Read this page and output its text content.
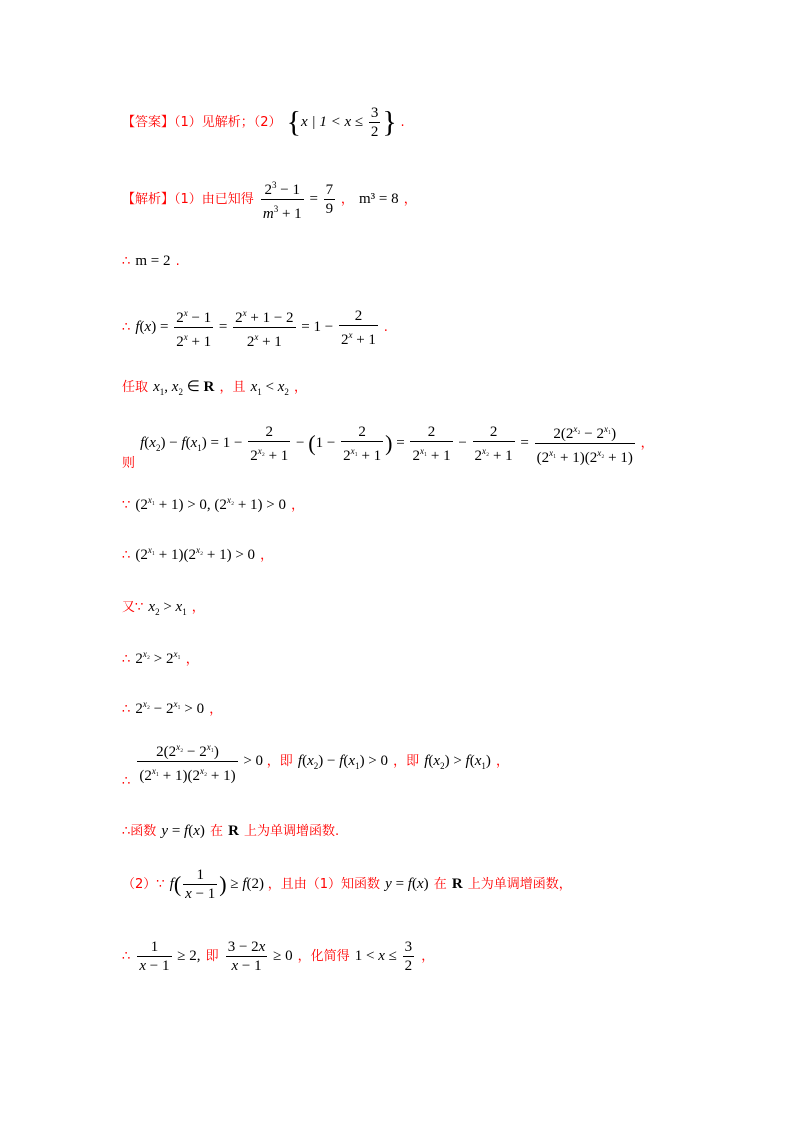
【答案】（1）见解析；（2） {x | $1 < x \le \frac{3}{2}$ } .
【解析】（1）由已知得 $\frac{2^3 - 1}{m^3 + 1} = \frac{7}{9}$ ， m³ = 8 ，
∴ m = 2 .
∴ $f(x) = \frac{2^x - 1}{2^x + 1} = \frac{2^x + 1 - 2}{2^x + 1} = 1 - \frac{2}{2^x + 1}$ .
任取 $x_1$, $x_2$ ∈ R ，且 $x_1 < x_2$ ，
$_则$ $f(x_2) - f(x_1) = 1 - \frac{2}{2^{x_2} + 1} - (1 - \frac{2}{2^{x_1} + 1}$ ) = $\frac{2}{2^{x_1} + 1} - \frac{2}{2^{x_2} + 1} = \frac{2(2^{x_2} - 2^{x_1})}{(2^{x_1} + 1)(2^{x_2} + 1)}$ ，
∵ $(2^{x_1} + 1) > 0$, $(2^{x_2} + 1) > 0$ ，
∴ $(2^{x_1} + 1)(2^{x_2} + 1) > 0$ ，
又∵ $x_2 > x_1$ ，
∴ $2^{x_2} > 2^{x_1}$ ，
∴ $2^{x_2} - 2^{x_1} > 0$ ，
$_\therefore \frac{2(2^{x_2} - 2^{x_1})}{(2^{x_1} + 1)(2^{x_2} + 1)} > 0$ ，即 $f(x_2) - f(x_1) > 0$ ，即 $f(x_2) > f(x_1)$ ，
∴函数 y = f(x) 在 R 上为单调增函数.
（2）∵ $f( \frac{1}{x - 1}$ ) ≥ f(2) ，且由（1）知函数 y = f(x) 在 R 上为单调增函数，
∴ $\frac{1}{x - 1} \ge 2$, 即 $\frac{3 - 2x}{x - 1} \ge 0$ ，化简得 $1 < x \le \frac{3}{2}$ ，
